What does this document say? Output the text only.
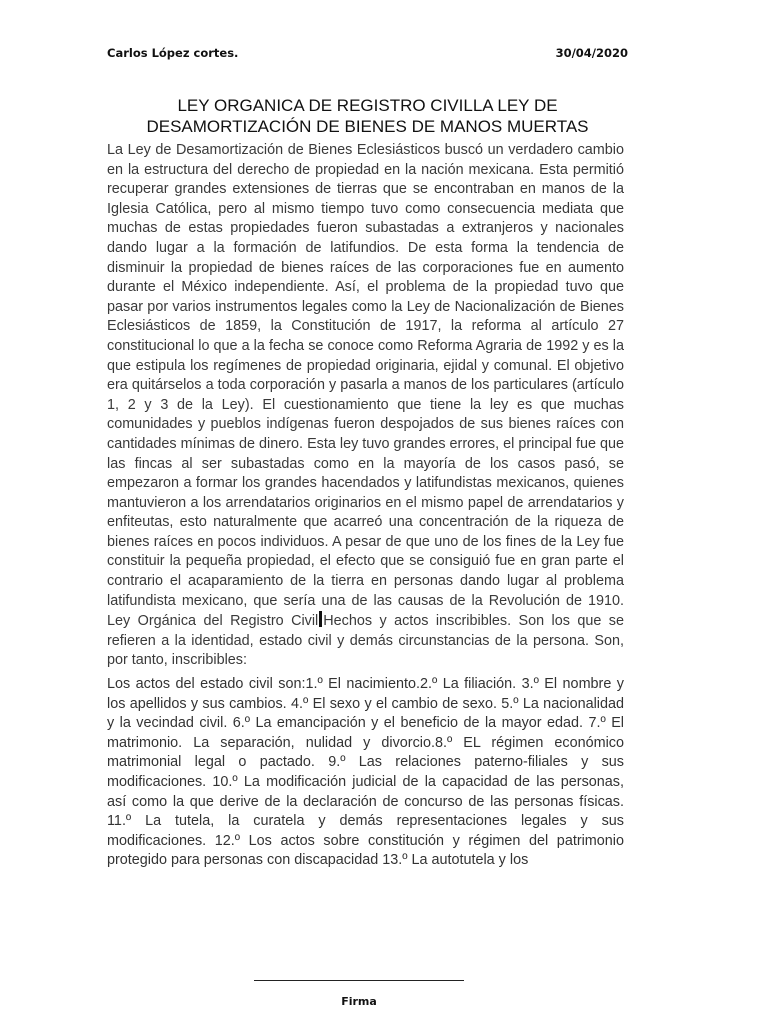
Carlos López cortes.	30/04/2020
LEY ORGANICA DE REGISTRO CIVILLA LEY DE DESAMORTIZACIÓN DE BIENES DE MANOS MUERTAS

La Ley de Desamortización de Bienes Eclesiásticos buscó un verdadero cambio en la estructura del derecho de propiedad en la nación mexicana. Esta permitió recuperar grandes extensiones de tierras que se encontraban en manos de la Iglesia Católica, pero al mismo tiempo tuvo como consecuencia mediata que muchas de estas propiedades fueron subastadas a extranjeros y nacionales dando lugar a la formación de latifundios. De esta forma la tendencia de disminuir la propiedad de bienes raíces de las corporaciones fue en aumento durante el México independiente. Así, el problema de la propiedad tuvo que pasar por varios instrumentos legales como la Ley de Nacionalización de Bienes Eclesiásticos de 1859, la Constitución de 1917, la reforma al artículo 27 constitucional lo que a la fecha se conoce como Reforma Agraria de 1992 y es la que estipula los regímenes de propiedad originaria, ejidal y comunal. El objetivo era quitárselos a toda corporación y pasarla a manos de los particulares (artículo 1, 2 y 3 de la Ley). El cuestionamiento que tiene la ley es que muchas comunidades y pueblos indígenas fueron despojados de sus bienes raíces con cantidades mínimas de dinero. Esta ley tuvo grandes errores, el principal fue que las fincas al ser subastadas como en la mayoría de los casos pasó, se empezaron a formar los grandes hacendados y latifundistas mexicanos, quienes mantuvieron a los arrendatarios originarios en el mismo papel de arrendatarios y enfiteutas, esto naturalmente que acarreó una concentración de la riqueza de bienes raíces en pocos individuos. A pesar de que uno de los fines de la Ley fue constituir la pequeña propiedad, el efecto que se consiguió fue en gran parte el contrario el acaparamiento de la tierra en personas dando lugar al problema latifundista mexicano, que sería una de las causas de la Revolución de 1910. Ley Orgánica del Registro Civil Hechos y actos inscribibles. Son los que se refieren a la identidad, estado civil y demás circunstancias de la persona. Son, por tanto, inscribibles:

Los actos del estado civil son:1.º El nacimiento.2.º La filiación. 3.º El nombre y los apellidos y sus cambios. 4.º El sexo y el cambio de sexo. 5.º La nacionalidad y la vecindad civil. 6.º La emancipación y el beneficio de la mayor edad. 7.º El matrimonio. La separación, nulidad y divorcio.8.º EL régimen económico matrimonial legal o pactado. 9.º Las relaciones paterno-filiales y sus modificaciones. 10.º La modificación judicial de la capacidad de las personas, así como la que derive de la declaración de concurso de las personas físicas. 11.º La tutela, la curatela y demás representaciones legales y sus modificaciones. 12.º Los actos sobre constitución y régimen del patrimonio protegido para personas con discapacidad 13.º La autotutela y los

Firma
